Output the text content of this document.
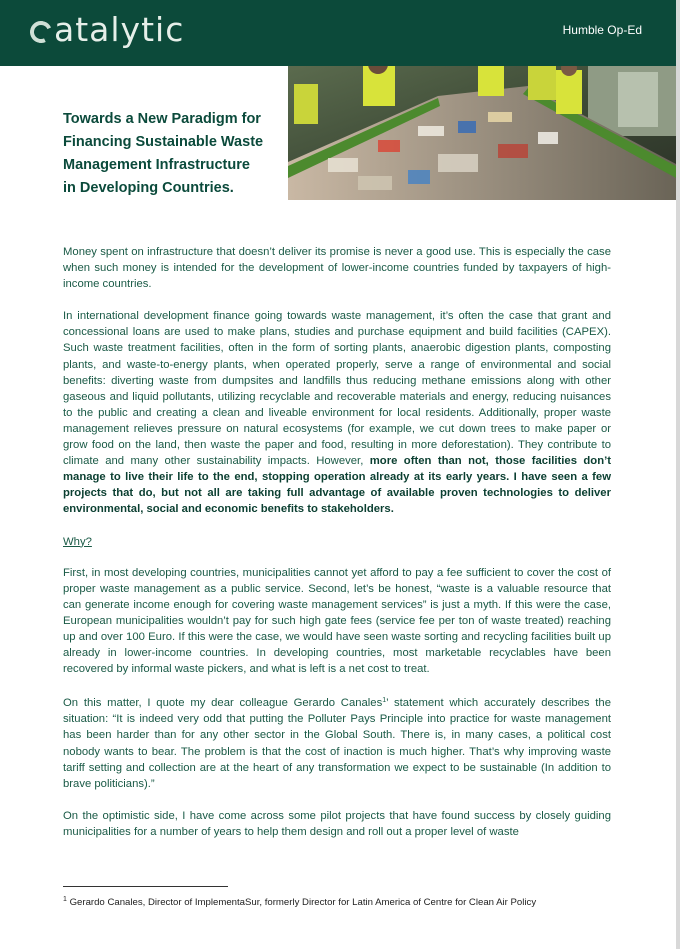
atalytic	Humble Op-Ed
Towards a New Paradigm for
Financing Sustainable Waste
Management Infrastructure
in Developing Countries.

Money spent on infrastructure that doesn’t deliver its promise is never a good use. This is especially the case when such money is intended for the development of lower-income countries funded by taxpayers of high-income countries.

In international development finance going towards waste management, it’s often the case that grant and concessional loans are used to make plans, studies and purchase equipment and build facilities (CAPEX). Such waste treatment facilities, often in the form of sorting plants, anaerobic digestion plants, composting plants, and waste-to-energy plants, when operated properly, serve a range of environmental and social benefits: diverting waste from dumpsites and landfills thus reducing methane emissions along with other gaseous and liquid pollutants, utilizing recyclable and recoverable materials and energy, reducing nuisances to the public and creating a clean and liveable environment for local residents. Additionally, proper waste management relieves pressure on natural ecosystems (for example, we cut down trees to make paper or grow food on the land, then waste the paper and food, resulting in more deforestation). They contribute to climate and many other sustainability impacts. However, more often than not, those facilities don’t manage to live their life to the end, stopping operation already at its early years. I have seen a few projects that do, but not all are taking full advantage of available proven technologies to deliver environmental, social and economic benefits to stakeholders.

Why?

First, in most developing countries, municipalities cannot yet afford to pay a fee sufficient to cover the cost of proper waste management as a public service. Second, let’s be honest, “waste is a valuable resource that can generate income enough for covering waste management services” is just a myth. If this were the case, European municipalities wouldn’t pay for such high gate fees (service fee per ton of waste treated) reaching up and over 100 Euro. If this were the case, we would have seen waste sorting and recycling facilities built up already in lower-income countries. In developing countries, most marketable recyclables have been recovered by informal waste pickers, and what is left is a net cost to treat.

On this matter, I quote my dear colleague Gerardo Canales$^1$’ statement which accurately describes the situation: “It is indeed very odd that putting the Polluter Pays Principle into practice for waste management has been harder than for any other sector in the Global South. There is, in many cases, a political cost nobody wants to bear. The problem is that the cost of inaction is much higher. That’s why improving waste tariff setting and collection are at the heart of any transformation we expect to be sustainable (In addition to brave politicians).”

On the optimistic side, I have come across some pilot projects that have found success by closely guiding municipalities for a number of years to help them design and roll out a proper level of waste

$^1$ Gerardo Canales, Director of ImplementaSur, formerly Director for Latin America of Centre for Clean Air Policy
